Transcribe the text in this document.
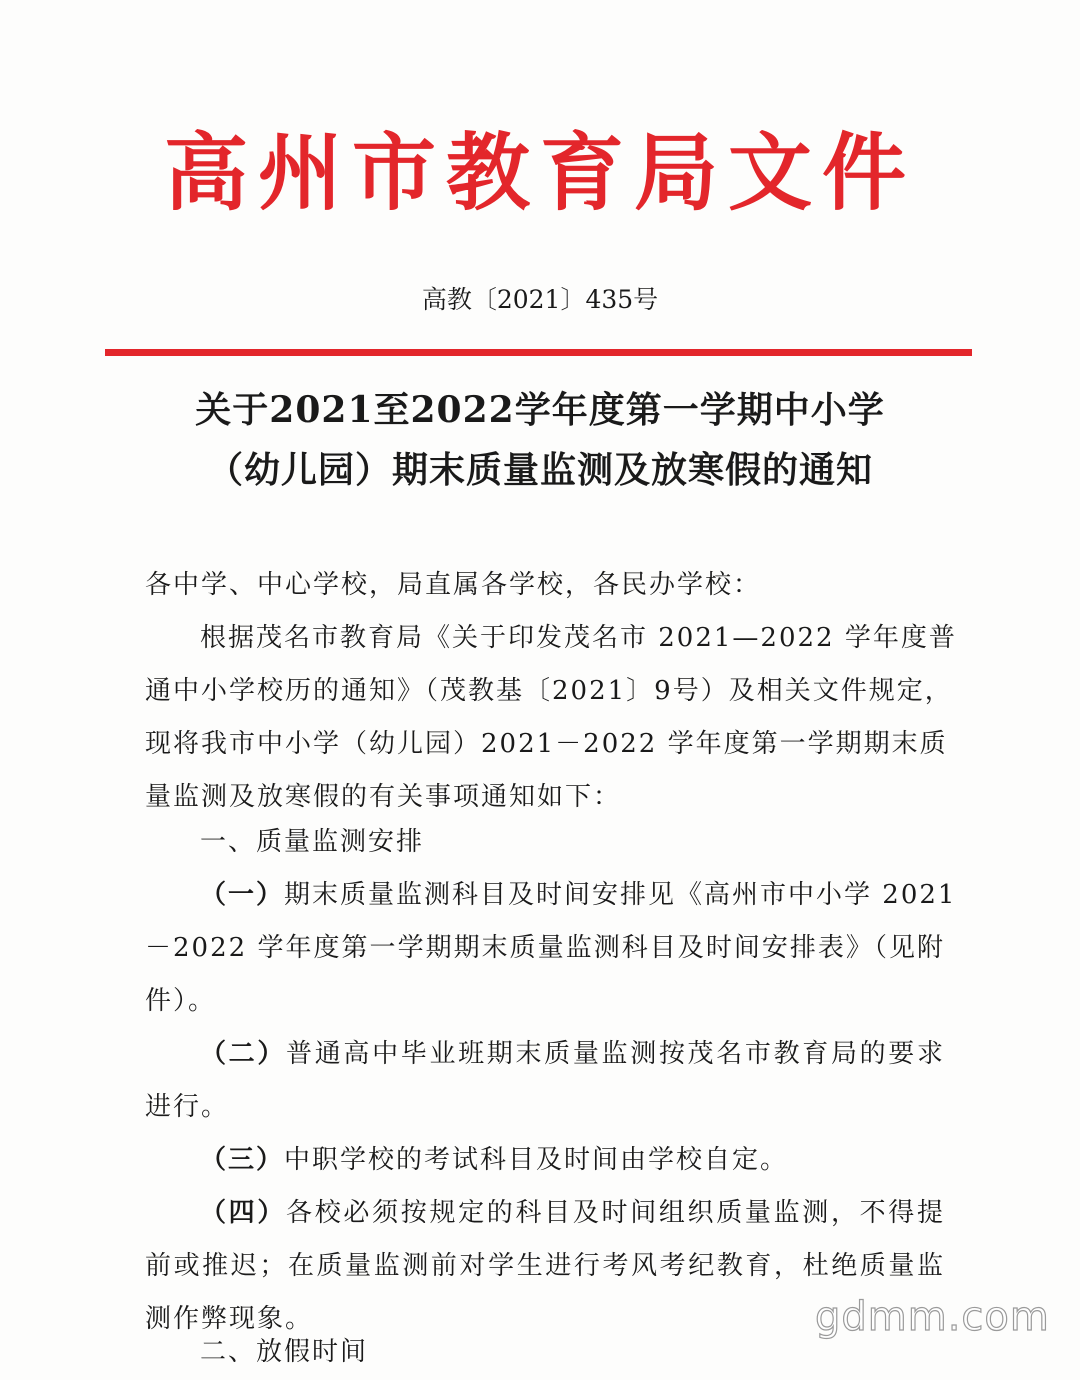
高州市教育局文件
高教〔2021〕435号
关于2021至2022学年度第一学期中小学
（幼儿园）期末质量监测及放寒假的通知
各中学、中心学校，局直属各学校，各民办学校：
根据茂名市教育局《关于印发茂名市 2021—2022 学年度普
通中小学校历的通知》（茂教基〔2021〕9号）及相关文件规定，
现将我市中小学（幼儿园）2021－2022 学年度第一学期期末质
量监测及放寒假的有关事项通知如下：
一、质量监测安排
（一）期末质量监测科目及时间安排见《高州市中小学 2021
－2022 学年度第一学期期末质量监测科目及时间安排表》（见附
件）。
（二）普通高中毕业班期末质量监测按茂名市教育局的要求
进行。
（三）中职学校的考试科目及时间由学校自定。
（四）各校必须按规定的科目及时间组织质量监测，不得提
前或推迟；在质量监测前对学生进行考风考纪教育，杜绝质量监
测作弊现象。
二、放假时间
gdmm.com
